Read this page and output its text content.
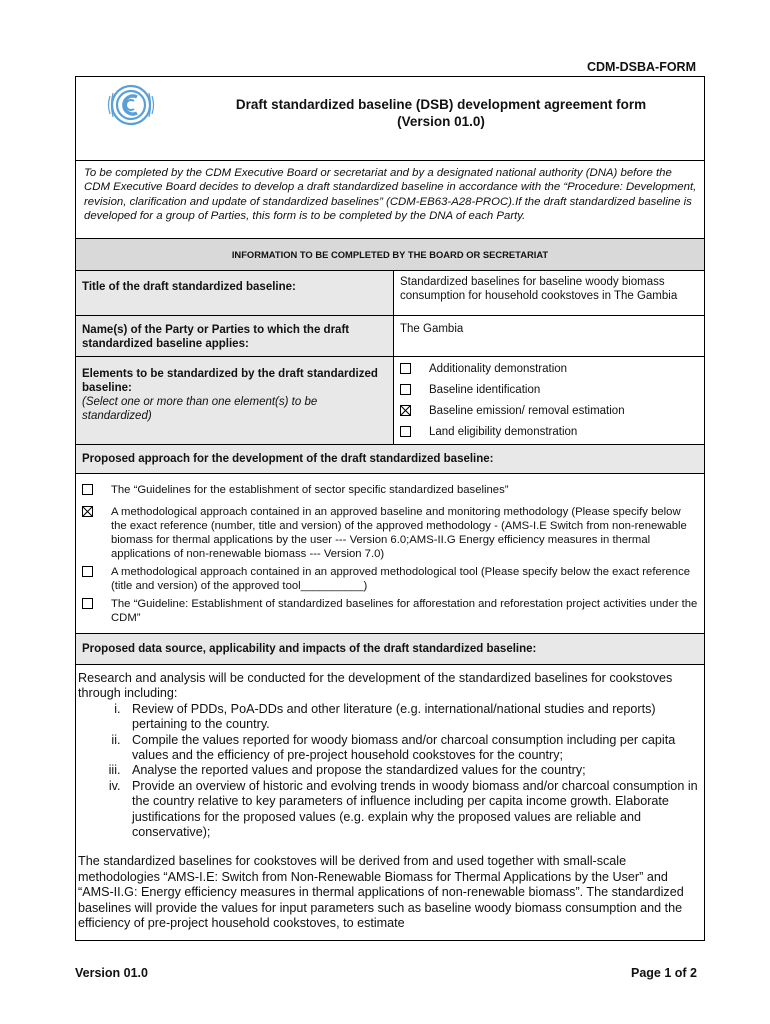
CDM-DSBA-FORM
Draft standardized baseline (DSB) development agreement form
(Version 01.0)
To be completed by the CDM Executive Board or secretariat and by a designated national authority (DNA) before the CDM Executive Board decides to develop a draft standardized baseline in accordance with the “Procedure: Development, revision, clarification and update of standardized baselines” (CDM-EB63-A28-PROC).If the draft standardized baseline is developed for a group of Parties, this form is to be completed by the DNA of each Party.
INFORMATION TO BE COMPLETED BY THE BOARD OR SECRETARIAT
Title of the draft standardized baseline:	Standardized baselines for baseline woody biomass consumption for household cookstoves in The Gambia
Name(s) of the Party or Parties to which the draft standardized baseline applies:
The Gambia
Elements to be standardized by the draft standardized baseline:
(Select one or more than one element(s) to be standardized)
Additionality demonstration
Baseline identification
Baseline emission/ removal estimation
Land eligibility demonstration
Proposed approach for the development of the draft standardized baseline:
The “Guidelines for the establishment of sector specific standardized baselines”
A methodological approach contained in an approved baseline and monitoring methodology (Please specify below the exact reference (number, title and version) of the approved methodology - (AMS-I.E Switch from non-renewable biomass for thermal applications by the user --- Version 6.0;AMS-II.G Energy efficiency measures in thermal applications of non-renewable biomass --- Version 7.0)
A methodological approach contained in an approved methodological tool (Please specify below the exact reference (title and version) of the approved tool__________)
The “Guideline: Establishment of standardized baselines for afforestation and reforestation project activities under the CDM”
Proposed data source, applicability and impacts of the draft standardized baseline:
Research and analysis will be conducted for the development of the standardized baselines for cookstoves through including:
i. Review of PDDs, PoA-DDs and other literature (e.g. international/national studies and reports) pertaining to the country.
ii. Compile the values reported for woody biomass and/or charcoal consumption including per capita values and the efficiency of pre-project household cookstoves for the country;
iii. Analyse the reported values and propose the standardized values for the country;
iv. Provide an overview of historic and evolving trends in woody biomass and/or charcoal consumption in the country relative to key parameters of influence including per capita income growth. Elaborate justifications for the proposed values (e.g. explain why the proposed values are reliable and conservative);
The standardized baselines for cookstoves will be derived from and used together with small-scale methodologies “AMS-I.E: Switch from Non-Renewable Biomass for Thermal Applications by the User” and “AMS-II.G: Energy efficiency measures in thermal applications of non-renewable biomass”. The standardized baselines will provide the values for input parameters such as baseline woody biomass consumption and the efficiency of pre-project household cookstoves, to estimate
Version 01.0	Page 1 of 2
